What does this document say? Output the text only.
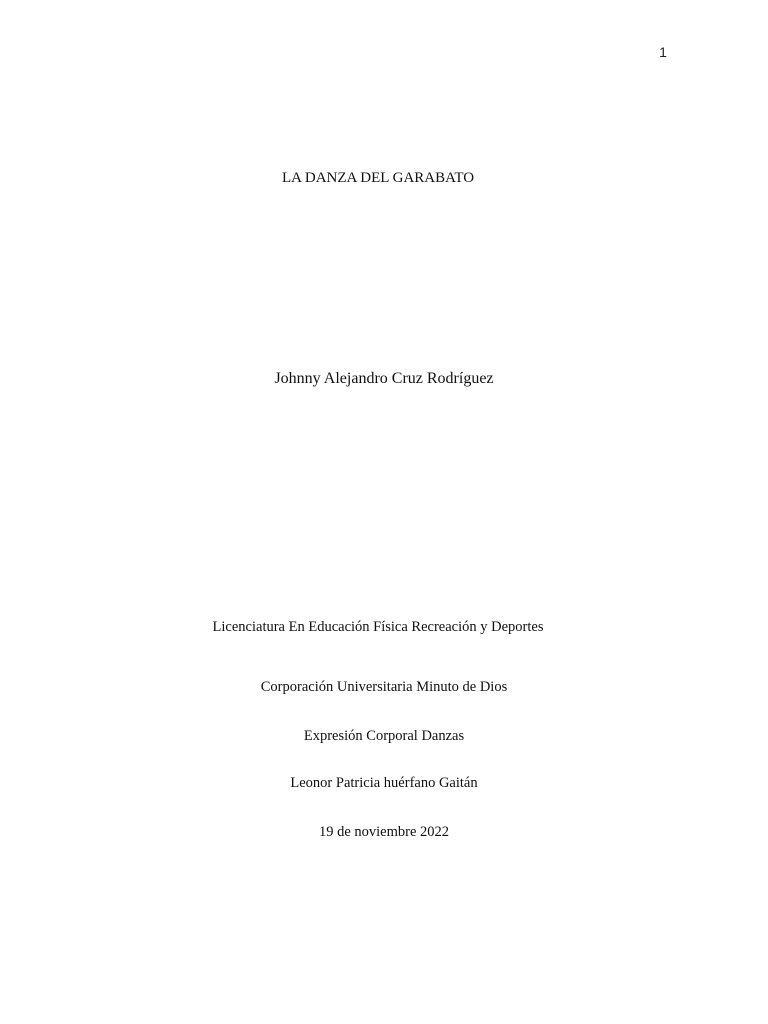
1
LA DANZA DEL GARABATO
Johnny Alejandro Cruz Rodríguez
Licenciatura En Educación Física Recreación y Deportes
Corporación Universitaria Minuto de Dios
Expresión Corporal Danzas
Leonor Patricia huérfano Gaitán
19 de noviembre 2022
